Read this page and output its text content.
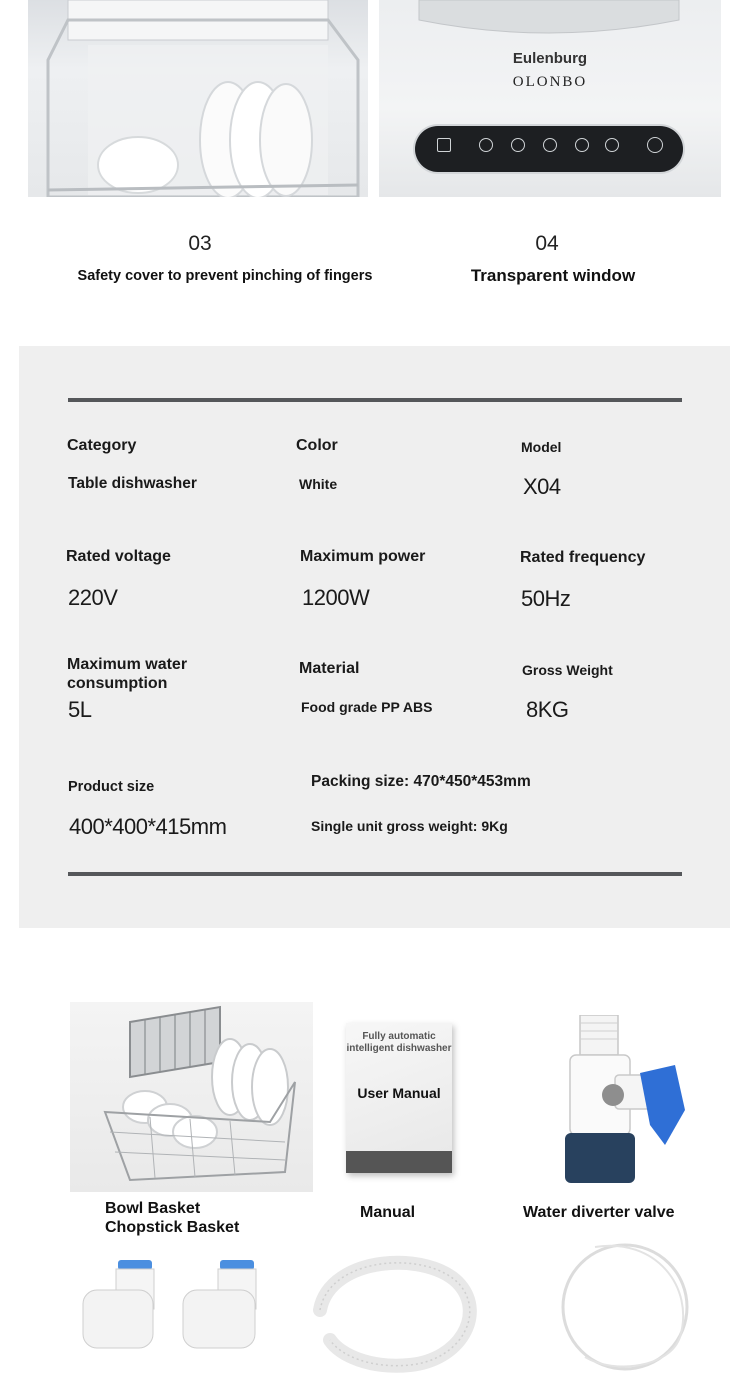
Eulenburg
OLONBO
03
Safety cover to prevent pinching of fingers
04
Transparent window
Category
Table dishwasher
Color
White
Model
X04
Rated voltage
220V
Maximum power
1200W
Rated frequency
50Hz
Maximum water
consumption
5L
Material
Food grade PP ABS
Gross Weight
8KG
Product size
400*400*415mm
Packing size: 470*450*453mm
Single unit gross weight: 9Kg
Bowl Basket
Chopstick Basket
Fully automatic intelligent dishwasher
User Manual
Manual	Water diverter valve
